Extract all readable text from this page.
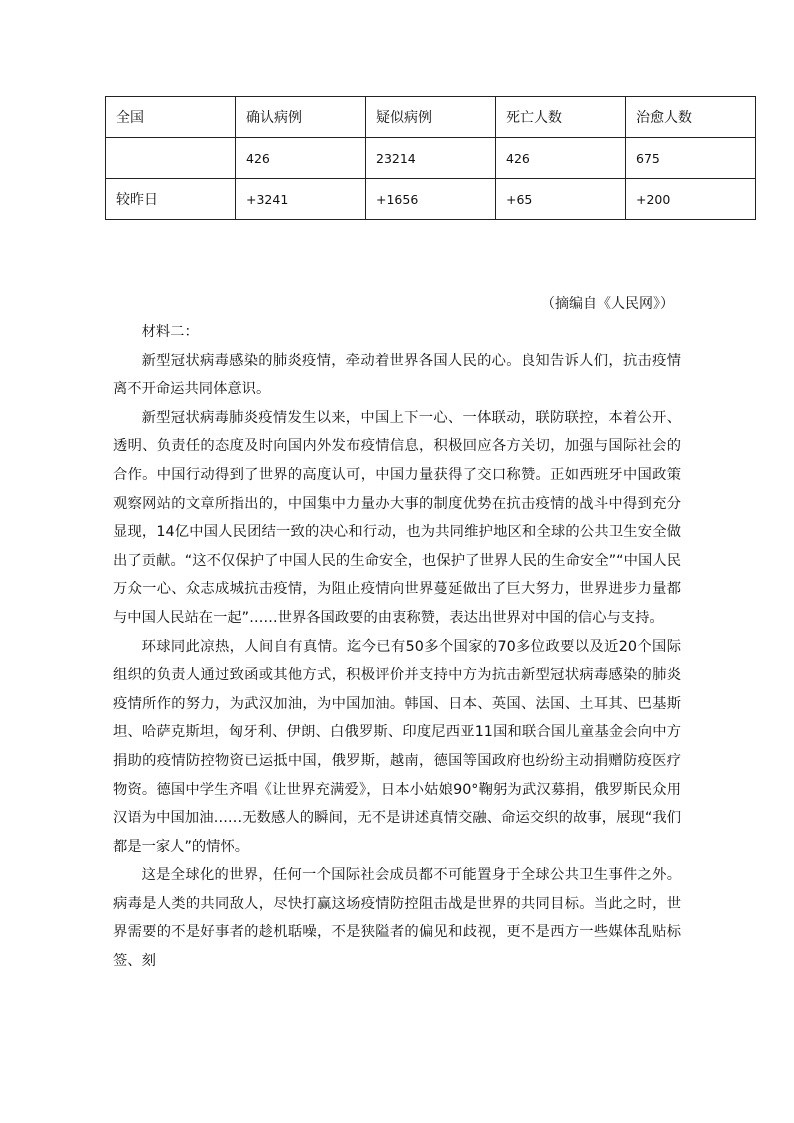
全国	确认病例	疑似病例	死亡人数	治愈人数
	426	23214	426	675
较昨日	+3241	+1656	+65	+200
（摘编自《人民网》）

材料二：

新型冠状病毒感染的肺炎疫情，牵动着世界各国人民的心。良知告诉人们，抗击疫情离不开命运共同体意识。

新型冠状病毒肺炎疫情发生以来，中国上下一心、一体联动，联防联控，本着公开、透明、负责任的态度及时向国内外发布疫情信息，积极回应各方关切，加强与国际社会的合作。中国行动得到了世界的高度认可，中国力量获得了交口称赞。正如西班牙中国政策观察网站的文章所指出的，中国集中力量办大事的制度优势在抗击疫情的战斗中得到充分显现，14亿中国人民团结一致的决心和行动，也为共同维护地区和全球的公共卫生安全做出了贡献。“这不仅保护了中国人民的生命安全，也保护了世界人民的生命安全”“中国人民万众一心、众志成城抗击疫情，为阻止疫情向世界蔓延做出了巨大努力，世界进步力量都与中国人民站在一起”……世界各国政要的由衷称赞，表达出世界对中国的信心与支持。

环球同此凉热，人间自有真情。迄今已有50多个国家的70多位政要以及近20个国际组织的负责人通过致函或其他方式，积极评价并支持中方为抗击新型冠状病毒感染的肺炎疫情所作的努力，为武汉加油，为中国加油。韩国、日本、英国、法国、土耳其、巴基斯坦、哈萨克斯坦，匈牙利、伊朗、白俄罗斯、印度尼西亚11国和联合国儿童基金会向中方捐助的疫情防控物资已运抵中国，俄罗斯，越南，德国等国政府也纷纷主动捐赠防疫医疗物资。德国中学生齐唱《让世界充满爱》，日本小姑娘90°鞠躬为武汉募捐，俄罗斯民众用汉语为中国加油……无数感人的瞬间，无不是讲述真情交融、命运交织的故事，展现“我们都是一家人”的情怀。

这是全球化的世界，任何一个国际社会成员都不可能置身于全球公共卫生事件之外。病毒是人类的共同敌人，尽快打赢这场疫情防控阻击战是世界的共同目标。当此之时，世界需要的不是好事者的趁机聒噪，不是狭隘者的偏见和歧视，更不是西方一些媒体乱贴标签、刻
